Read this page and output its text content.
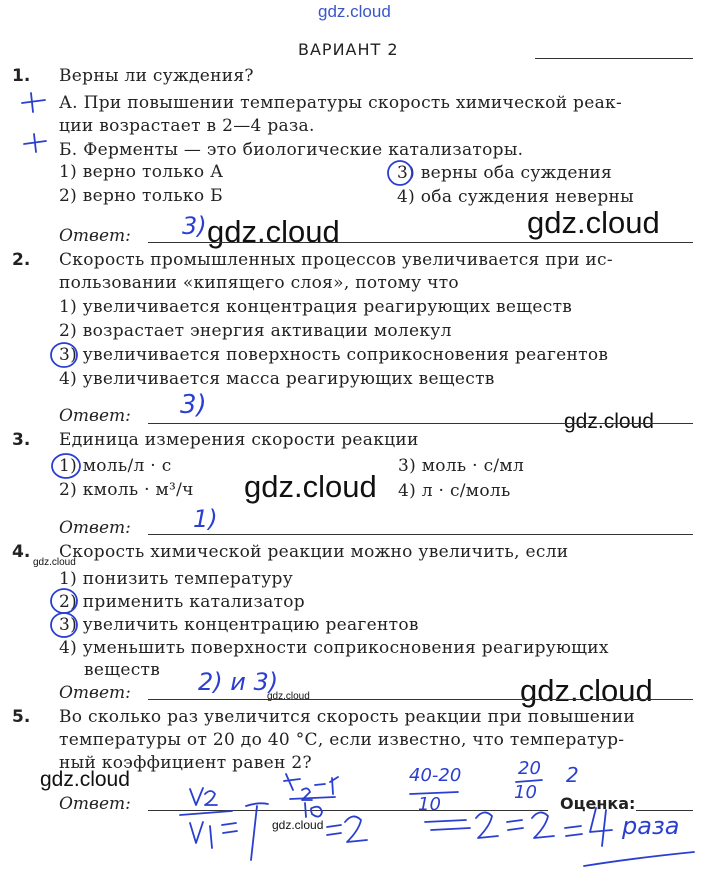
gdz.cloud
gdz.cloud	gdz.cloud
gdz.cloud
gdz.cloud
gdz.cloud
gdz.cloud	gdz.cloud
gdz.cloud
gdz.cloud
ВАРИАНТ 2
1. Верны ли суждения?
А. При повышении температуры скорость химической реак-
ции возрастает в 2—4 раза.
Б. Ферменты — это биологические катализаторы.
1) верно только А	3) верны оба суждения
2) верно только Б	4) оба суждения неверны
Ответ: 3)
2. Скорость промышленных процессов увеличивается при ис-
пользовании «кипящего слоя», потому что
1) увеличивается концентрация реагирующих веществ
2) возрастает энергия активации молекул
3) увеличивается поверхность соприкосновения реагентов
4) увеличивается масса реагирующих веществ
Ответ: 3)
3. Единица измерения скорости реакции
1) моль/л · с	3) моль · с/мл
2) кмоль · м³/ч	4) л · с/моль
Ответ:	1)
4. Скорость химической реакции можно увеличить, если
1) понизить температуру
2) применить катализатор
3) увеличить концентрацию реагентов
4) уменьшить поверхности соприкосновения реагирующих
веществ
Ответ:	2) и 3)
5. Во сколько раз увеличится скорость реакции при повышении
температуры от 20 до 40 °С, если известно, что температур-
ный коэффициент равен 2?
Ответ:	Оценка:
40-20
10
20
10
2
раза
